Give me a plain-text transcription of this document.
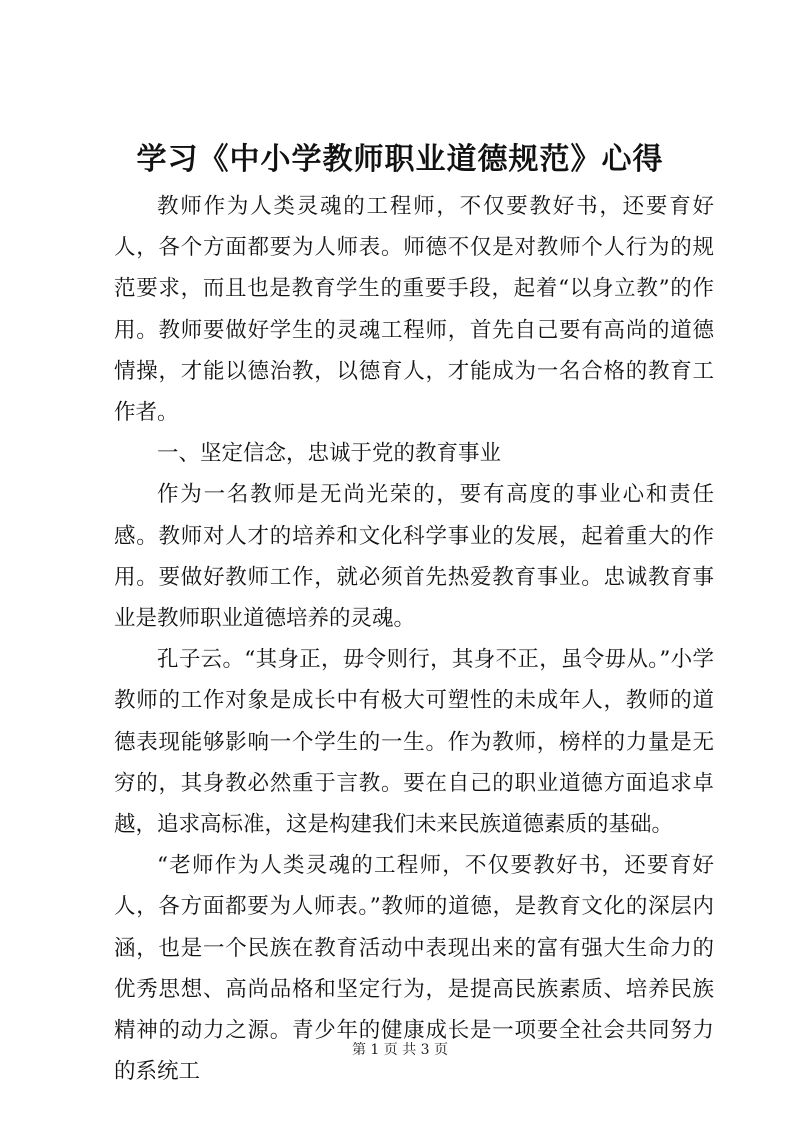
学习《中小学教师职业道德规范》心得

教师作为人类灵魂的工程师，不仅要教好书，还要育好人，各个方面都要为人师表。师德不仅是对教师个人行为的规范要求，而且也是教育学生的重要手段，起着“以身立教”的作用。教师要做好学生的灵魂工程师，首先自己要有高尚的道德情操，才能以德治教，以德育人，才能成为一名合格的教育工作者。

一、坚定信念，忠诚于党的教育事业

作为一名教师是无尚光荣的，要有高度的事业心和责任感。教师对人才的培养和文化科学事业的发展，起着重大的作用。要做好教师工作，就必须首先热爱教育事业。忠诚教育事业是教师职业道德培养的灵魂。

孔子云。“其身正，毋令则行，其身不正，虽令毋从。”小学教师的工作对象是成长中有极大可塑性的未成年人，教师的道德表现能够影响一个学生的一生。作为教师，榜样的力量是无穷的，其身教必然重于言教。要在自己的职业道德方面追求卓越，追求高标准，这是构建我们未来民族道德素质的基础。

“老师作为人类灵魂的工程师，不仅要教好书，还要育好人，各方面都要为人师表。”教师的道德，是教育文化的深层内涵，也是一个民族在教育活动中表现出来的富有强大生命力的优秀思想、高尚品格和坚定行为，是提高民族素质、培养民族精神的动力之源。青少年的健康成长是一项要全社会共同努力的系统工

第 1 页 共 3 页
